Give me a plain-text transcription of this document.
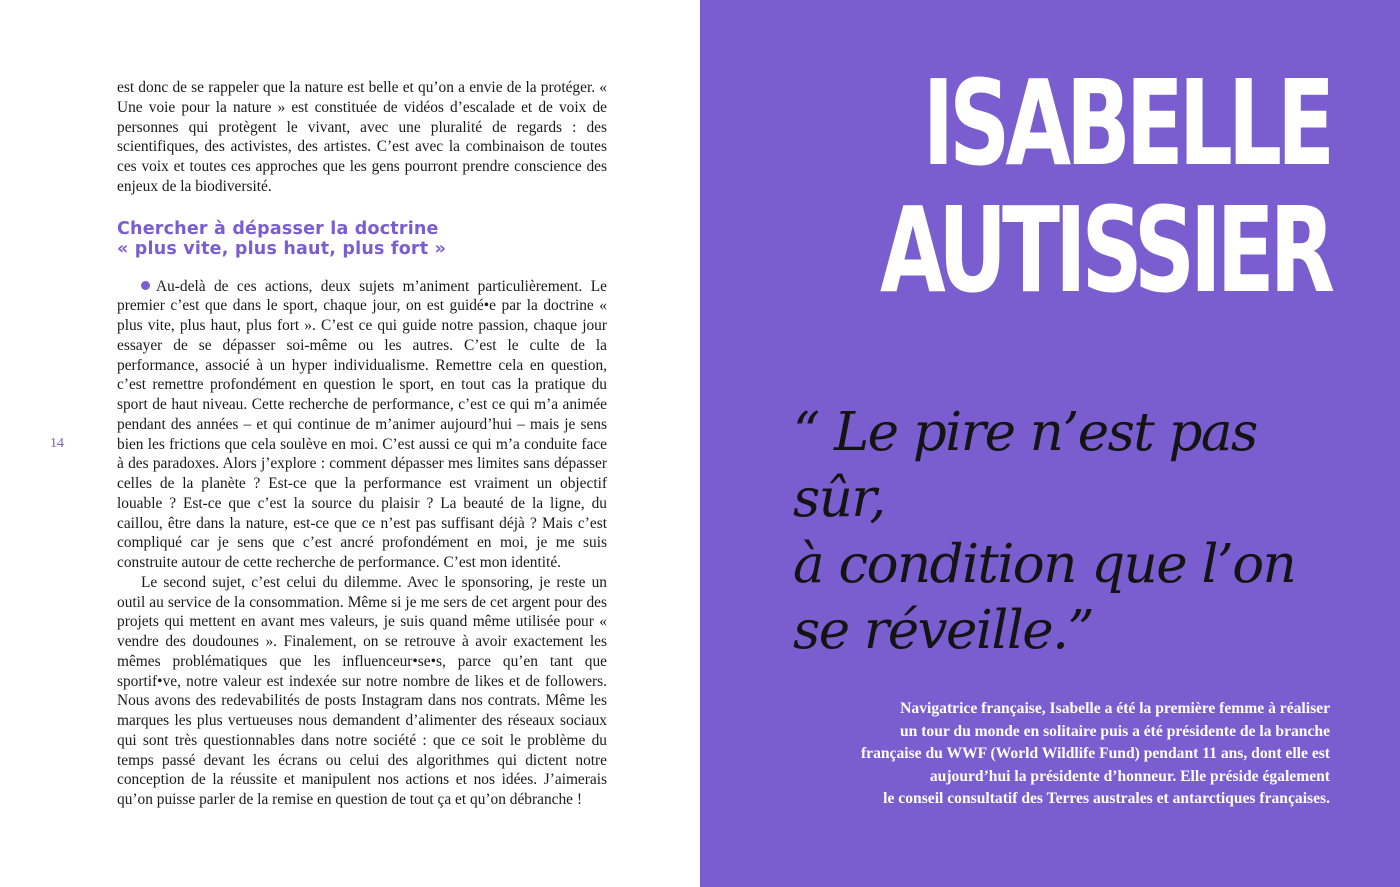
14

est donc de se rappeler que la nature est belle et qu’on a envie de la protéger. « Une voie pour la nature » est constituée de vidéos d’escalade et de voix de personnes qui protègent le vivant, avec une pluralité de regards : des scientifiques, des activistes, des artistes. C’est avec la combinaison de toutes ces voix et toutes ces approches que les gens pourront prendre conscience des enjeux de la biodiversité.

Chercher à dépasser la doctrine
« plus vite, plus haut, plus fort »

Au-delà de ces actions, deux sujets m’animent particulièrement. Le premier c’est que dans le sport, chaque jour, on est guidé•e par la doctrine « plus vite, plus haut, plus fort ». C’est ce qui guide notre passion, chaque jour essayer de se dépasser soi-même ou les autres. C’est le culte de la performance, associé à un hyper individualisme. Remettre cela en question, c’est remettre profondément en question le sport, en tout cas la pratique du sport de haut niveau. Cette recherche de performance, c’est ce qui m’a animée pendant des années – et qui continue de m’animer aujourd’hui – mais je sens bien les frictions que cela soulève en moi. C’est aussi ce qui m’a conduite face à des paradoxes. Alors j’explore : comment dépasser mes limites sans dépasser celles de la planète ? Est-ce que la performance est vraiment un objectif louable ? Est-ce que c’est la source du plaisir ? La beauté de la ligne, du caillou, être dans la nature, est-ce que ce n’est pas suffisant déjà ? Mais c’est compliqué car je sens que c’est ancré profondément en moi, je me suis construite autour de cette recherche de performance. C’est mon identité.

Le second sujet, c’est celui du dilemme. Avec le sponsoring, je reste un outil au service de la consommation. Même si je me sers de cet argent pour des projets qui mettent en avant mes valeurs, je suis quand même utilisée pour « vendre des doudounes ». Finalement, on se retrouve à avoir exactement les mêmes problématiques que les influenceur•se•s, parce qu’en tant que sportif•ve, notre valeur est indexée sur notre nombre de likes et de followers. Nous avons des redevabilités de posts Instagram dans nos contrats. Même les marques les plus vertueuses nous demandent d’alimenter des réseaux sociaux qui sont très questionnables dans notre société : que ce soit le problème du temps passé devant les écrans ou celui des algorithmes qui dictent notre conception de la réussite et manipulent nos actions et nos idées. J’aimerais qu’on puisse parler de la remise en question de tout ça et qu’on débranche !

ISABELLE
AUTISSIER
“ Le pire n’est pas sûr,
à condition que l’on
se réveille.”
Navigatrice française, Isabelle a été la première femme à réaliser
un tour du monde en solitaire puis a été présidente de la branche
française du WWF (World Wildlife Fund) pendant 11 ans, dont elle est
aujourd’hui la présidente d’honneur. Elle préside également
le conseil consultatif des Terres australes et antarctiques françaises.
